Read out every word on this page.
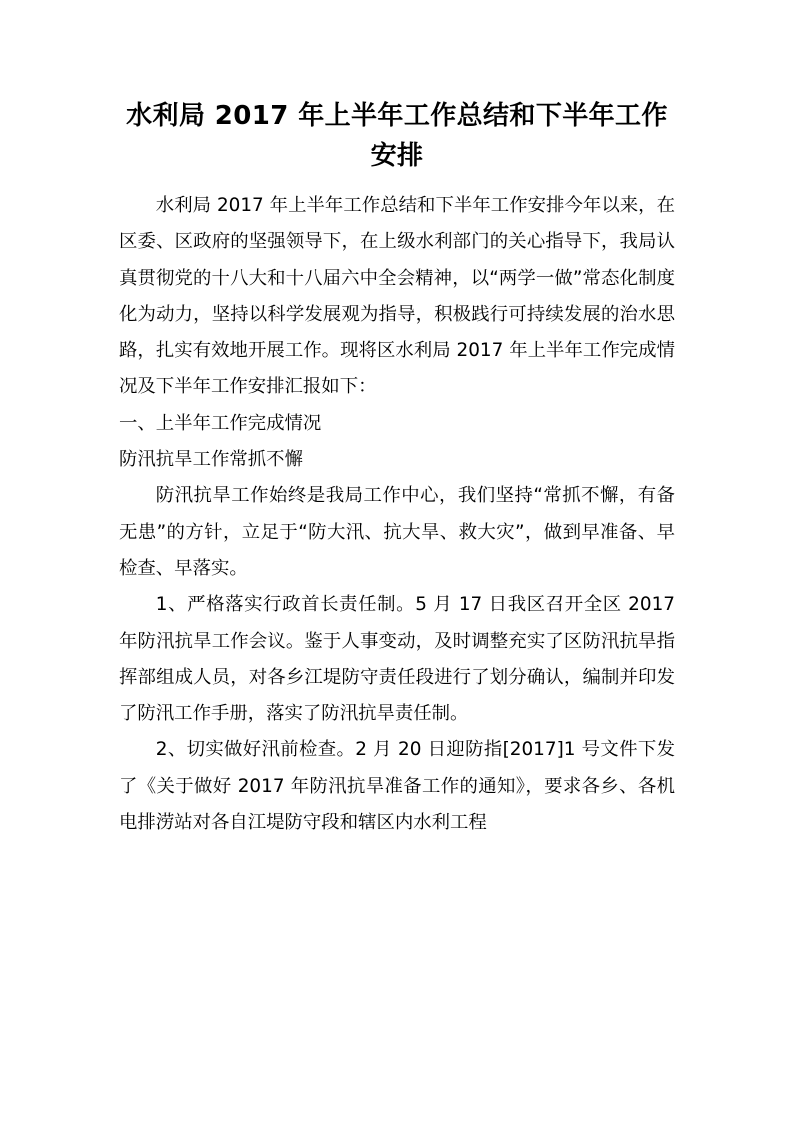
水利局 2017 年上半年工作总结和下半年工作安排

水利局 2017 年上半年工作总结和下半年工作安排今年以来，在区委、区政府的坚强领导下，在上级水利部门的关心指导下，我局认真贯彻党的十八大和十八届六中全会精神，以“两学一做”常态化制度化为动力，坚持以科学发展观为指导，积极践行可持续发展的治水思路，扎实有效地开展工作。现将区水利局 2017 年上半年工作完成情况及下半年工作安排汇报如下：

一、上半年工作完成情况

防汛抗旱工作常抓不懈

防汛抗旱工作始终是我局工作中心，我们坚持“常抓不懈，有备无患”的方针，立足于“防大汛、抗大旱、救大灾”，做到早准备、早检查、早落实。

1、严格落实行政首长责任制。5 月 17 日我区召开全区 2017 年防汛抗旱工作会议。鉴于人事变动，及时调整充实了区防汛抗旱指挥部组成人员，对各乡江堤防守责任段进行了划分确认，编制并印发了防汛工作手册，落实了防汛抗旱责任制。

2、切实做好汛前检查。2 月 20 日迎防指[2017]1 号文件下发了《关于做好 2017 年防汛抗旱准备工作的通知》，要求各乡、各机电排涝站对各自江堤防守段和辖区内水利工程
